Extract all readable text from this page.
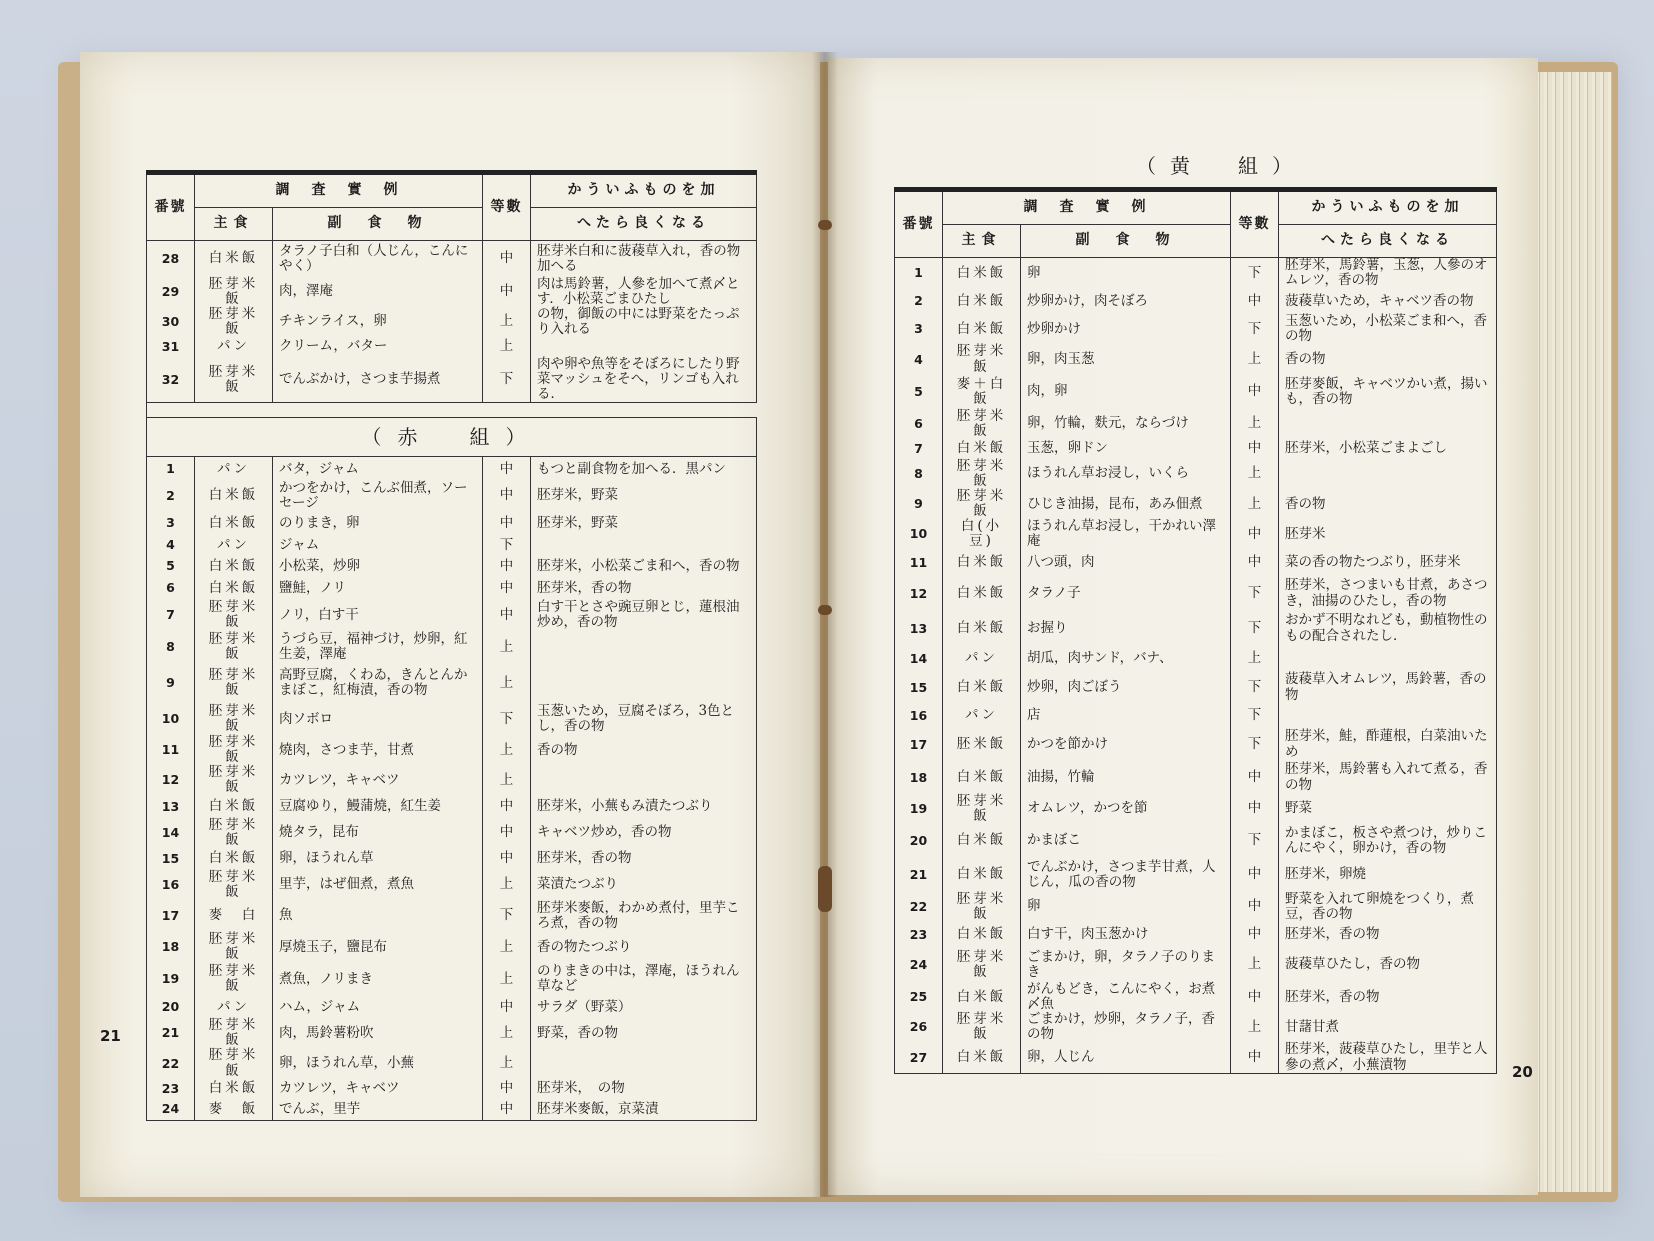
番號	調　査　實　例		等數	かういふものを加
	主食	副　食　物		へたら良くなる
28	白米飯	タラノ子白和（人じん，こんにやく）	中	胚芽米白和に菠薐草入れ，香の物加へる
29	胚芽米飯	肉，澤庵	中	肉は馬鈴薯，人參を加へて煮〆とす．小松菜ごまひたし
30	胚芽米飯	チキンライス，卵	上	の物，御飯の中には野菜をたっぷり入れる
31	パン	クリーム，バター	上	
32	胚芽米飯	でんぶかけ，さつま芋揚煮	下	肉や卵や魚等をそぼろにしたり野菜マッシュをそへ，リンゴも入れる．

（赤　組）				
1	パン	バタ，ジャム	中	もつと副食物を加へる．黒パン
2	白米飯	かつをかけ，こんぶ佃煮，ソーセージ	中	胚芽米，野菜
3	白米飯	のりまき，卵	中	胚芽米，野菜
4	パン	ジャム	下	
5	白米飯	小松菜，炒卵	中	胚芽米，小松菜ごま和へ，香の物
6	白米飯	鹽鮭，ノリ	中	胚芽米，香の物
7	胚芽米飯	ノリ，白す干	中	白す干とさや豌豆卵とじ，蓮根油炒め，香の物
8	胚芽米飯	うづら豆，福神づけ，炒卵，紅生姜，澤庵	上	
9	胚芽米飯	高野豆腐，くわゐ，きんとんかまぼこ，紅梅漬，香の物	上	
10	胚芽米飯	肉ソボロ	下	玉葱いため，豆腐そぼろ，3色とし，香の物
11	胚芽米飯	燒肉，さつま芋，甘煮	上	香の物
12	胚芽米飯	カツレツ，キャベツ	上	
13	白米飯	豆腐ゆり，鰻蒲燒，紅生姜	中	胚芽米，小蕪もみ漬たつぶり
14	胚芽米飯	燒タラ，昆布	中	キャベツ炒め，香の物
15	白米飯	卵，ほうれん草	中	胚芽米，香の物
16	胚芽米飯	里芋，はぜ佃煮，煮魚	上	菜漬たつぶり
17	麥　白	魚	下	胚芽米麥飯，わかめ煮付，里芋ころ煮，香の物
18	胚芽米飯	厚燒玉子，鹽昆布	上	香の物たつぶり
19	胚芽米飯	煮魚，ノリまき	上	のりまきの中は，澤庵，ほうれん草など
20	パン	ハム，ジャム	中	サラダ（野菜）
21	胚芽米飯	肉，馬鈴薯粉吹	上	野菜，香の物
22	胚芽米飯	卵，ほうれん草，小蕪	上	
23	白米飯	カツレツ，キャベツ	中	胚芽米，　の物
24	麥　飯	でんぶ，里芋	中	胚芽米麥飯，京菜漬
21
（黄　組）
番號	調　査　實　例		等數	かういふものを加
	主食	副　食　物		へたら良くなる
1	白米飯	卵	下	胚芽米，馬鈴薯，玉葱，人參のオムレツ，香の物
2	白米飯	炒卵かけ，肉そぼろ	中	菠薐草いため，キャベツ香の物
3	白米飯	炒卵かけ	下	玉葱いため，小松菜ごま和へ，香の物
4	胚芽米飯	卵，肉玉葱	上	香の物
5	麥＋白飯	肉，卵	中	胚芽麥飯，キャベツかい煮，揚いも，香の物
6	胚芽米飯	卵，竹輪，麩元，ならづけ	上	
7	白米飯	玉葱，卵ドン	中	胚芽米，小松菜ごまよごし
8	胚芽米飯	ほうれん草お浸し，いくら	上	
9	胚芽米飯	ひじき油揚，昆布，あみ佃煮	上	香の物
10	白(小豆)	ほうれん草お浸し，干かれい澤庵	中	胚芽米
11	白米飯	八つ頭，肉	中	菜の香の物たつぶり，胚芽米
12	白米飯	タラノ子	下	胚芽米，さつまいも甘煮，あさつき，油揚のひたし，香の物
13	白米飯	お握り	下	おかず不明なれども，動植物性のもの配合されたし．
14	パン	胡瓜，肉サンド，バナ、	上	
15	白米飯	炒卵，肉ごぼう	下	菠薐草入オムレツ，馬鈴薯，香の物
16	パン	店	下	
17	胚米飯	かつを節かけ	下	胚芽米，鮭，酢蓮根，白菜油いため
18	白米飯	油揚，竹輪	中	胚芽米，馬鈴薯も入れて煮る，香の物
19	胚芽米飯	オムレツ，かつを節	中	野菜
20	白米飯	かまぼこ	下	かまぼこ，板さや煮つけ，炒りこんにやく，卵かけ，香の物
21	白米飯	でんぶかけ，さつま芋甘煮，人じん，瓜の香の物	中	胚芽米，卵燒
22	胚芽米飯	卵	中	野菜を入れて卵燒をつくり，煮豆，香の物
23	白米飯	白す干，肉玉葱かけ	中	胚芽米，香の物
24	胚芽米飯	ごまかけ，卵，タラノ子のりまき	上	菠薐草ひたし，香の物
25	白米飯	がんもどき，こんにやく，お煮〆魚	中	胚芽米，香の物
26	胚芽米飯	ごまかけ，炒卵，タラノ子，香の物	上	甘藷甘煮
27	白米飯	卵，人じん	中	胚芽米，菠薐草ひたし，里芋と人參の煮〆，小蕪漬物	20
